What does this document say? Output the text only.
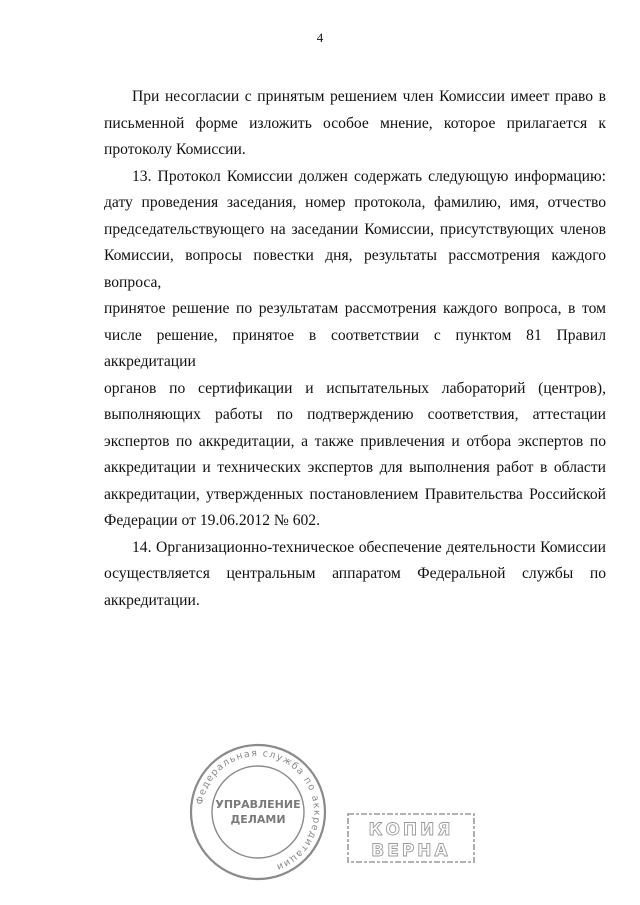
4
При несогласии с принятым решением член Комиссии имеет право в
письменной форме изложить особое мнение, которое прилагается к
протоколу Комиссии.
13. Протокол Комиссии должен содержать следующую информацию:
дату проведения заседания, номер протокола, фамилию, имя, отчество
председательствующего на заседании Комиссии, присутствующих членов
Комиссии, вопросы повестки дня, результаты рассмотрения каждого вопроса,
принятое решение по результатам рассмотрения каждого вопроса, в том
числе решение, принятое в соответствии с пунктом 81 Правил аккредитации
органов по сертификации и испытательных лабораторий (центров),
выполняющих работы по подтверждению соответствия, аттестации
экспертов по аккредитации, а также привлечения и отбора экспертов по
аккредитации и технических экспертов для выполнения работ в области
аккредитации, утвержденных постановлением Правительства Российской
Федерации от 19.06.2012 № 602.
14. Организационно-техническое обеспечение деятельности Комиссии
осуществляется центральным аппаратом Федеральной службы по
аккредитации.
Федеральная служба по аккредитации
УПРАВЛЕНИЕ
ДЕЛАМИ
КОПИЯ
ВЕРНА
